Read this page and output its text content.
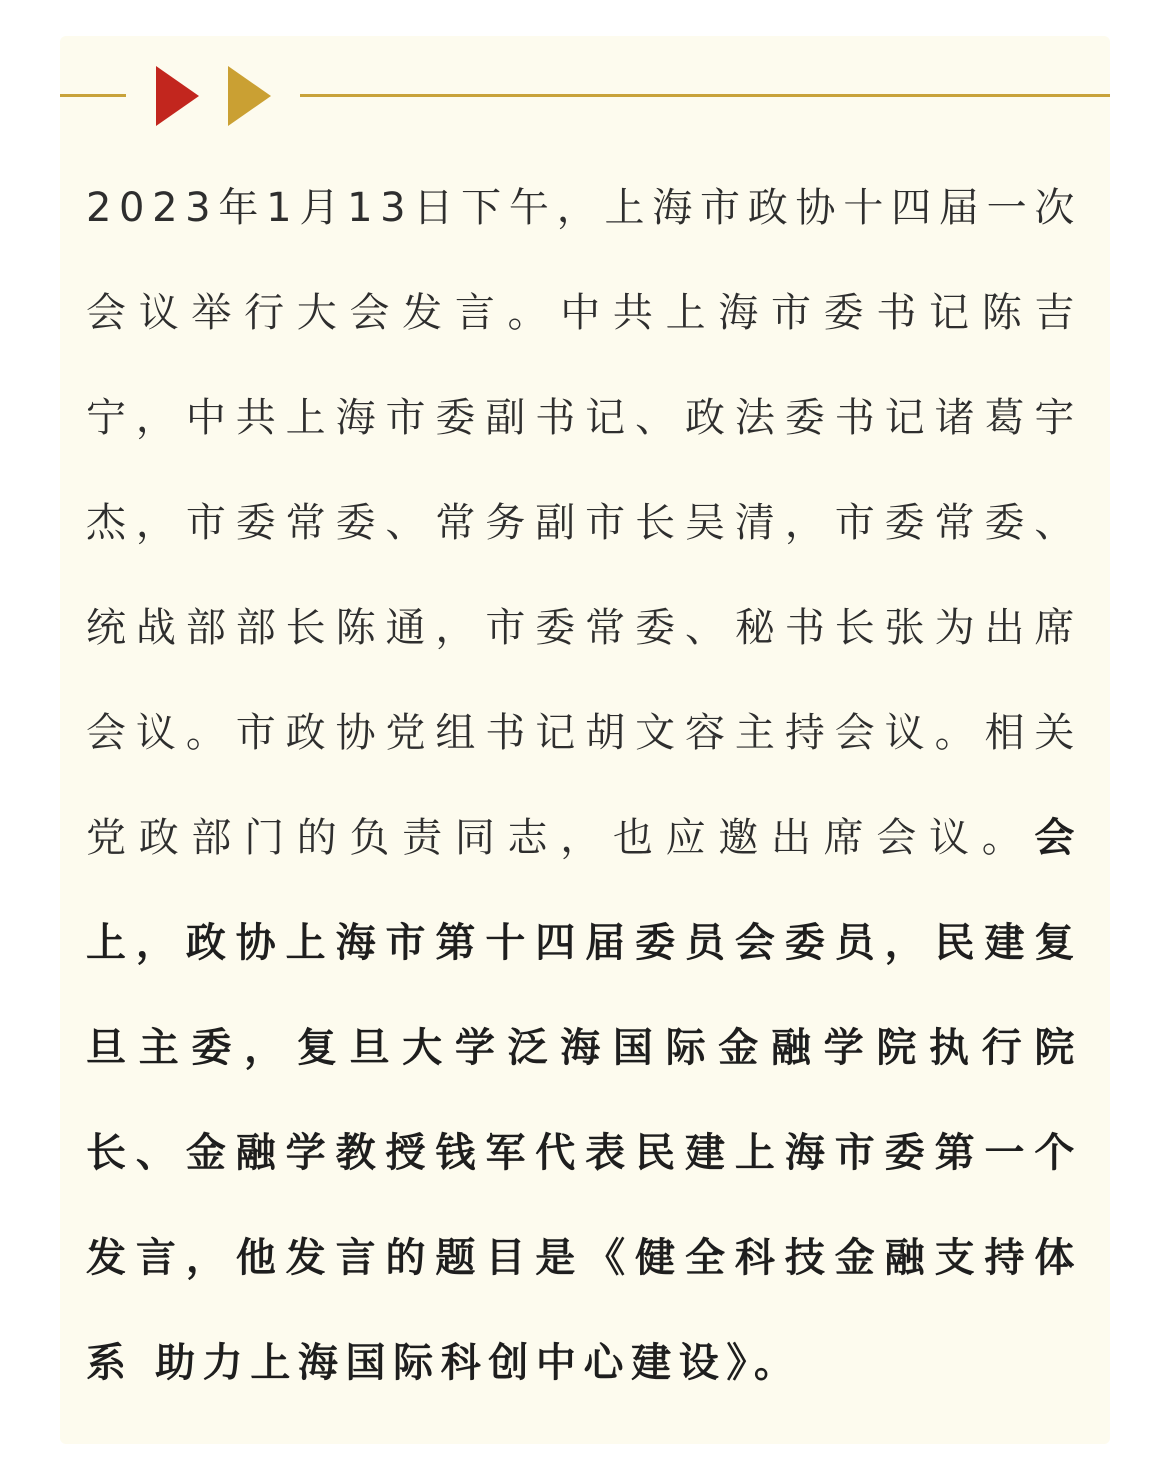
2023年1月13日下午，上海市政协十四届一次会议举行大会发言。中共上海市委书记陈吉宁，中共上海市委副书记、政法委书记诸葛宇杰，市委常委、常务副市长吴清，市委常委、统战部部长陈通，市委常委、秘书长张为出席会议。市政协党组书记胡文容主持会议。相关党政部门的负责同志，也应邀出席会议。会上，政协上海市第十四届委员会委员，民建复旦主委，复旦大学泛海国际金融学院执行院长、金融学教授钱军代表民建上海市委第一个发言，他发言的题目是《健全科技金融支持体系 助力上海国际科创中心建设》。
